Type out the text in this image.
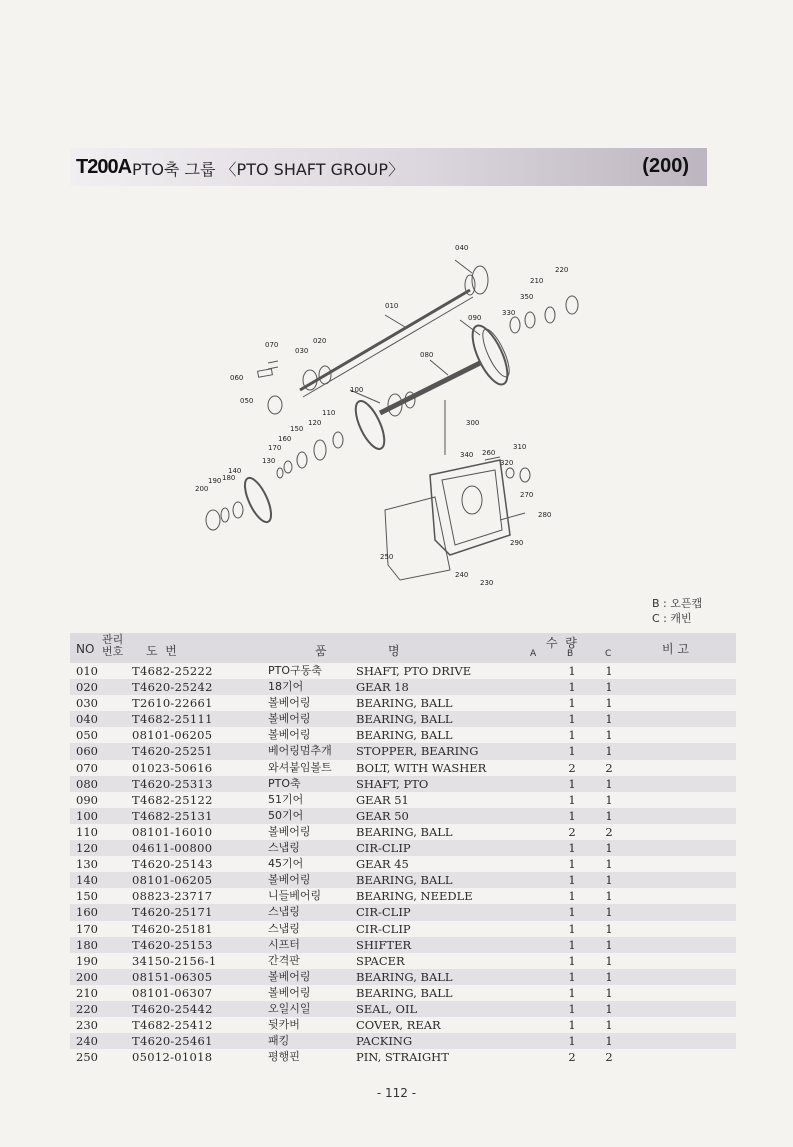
T200A PTO축 그룹 〈PTO SHAFT GROUP〉	(200)
010
020
030
040
050
060
070
080
090
100
110
120
130
140
150
160
170
180
190
200
210
220
230
240
250
260
270
280
290
300
310
320
330
340
350
B : 오픈캡
C : 캐빈
NO
관리
번호 도  번	품	명
수  량
A	B	C	비 고
010	T4682-25222	PTO구동축	SHAFT, PTO DRIVE	1	1
020	T4620-25242	18기어	GEAR 18	1	1
030	T2610-22661	볼베어링	BEARING, BALL	1	1
040	T4682-25111	볼베어링	BEARING, BALL	1	1
050	08101-06205	볼베어링	BEARING, BALL	1	1
060	T4620-25251	베어링멈추개 STOPPER, BEARING	1	1
070	01023-50616	와셔붙임볼트 BOLT, WITH WASHER	2	2
080	T4620-25313	PTO축	SHAFT, PTO	1	1
090	T4682-25122	51기어	GEAR 51	1	1
100	T4682-25131	50기어	GEAR 50	1	1
110	08101-16010	볼베어링	BEARING, BALL	2	2
120	04611-00800	스냅링	CIR-CLIP	1	1
130	T4620-25143	45기어	GEAR 45	1	1
140	08101-06205	볼베어링	BEARING, BALL	1	1
150	08823-23717	니들베어링	BEARING, NEEDLE	1	1
160	T4620-25171	스냅링	CIR-CLIP	1	1
170	T4620-25181	스냅링	CIR-CLIP	1	1
180	T4620-25153	시프터	SHIFTER	1	1
190	34150-2156-1	간격판	SPACER	1	1
200	08151-06305	볼베어링	BEARING, BALL	1	1
210	08101-06307	볼베어링	BEARING, BALL	1	1
220	T4620-25442	오일시일	SEAL, OIL	1	1
230	T4682-25412	뒷카버	COVER, REAR	1	1
240	T4620-25461	패킹	PACKING	1	1
250	05012-01018	평행핀	PIN, STRAIGHT	2	2
- 112 -
